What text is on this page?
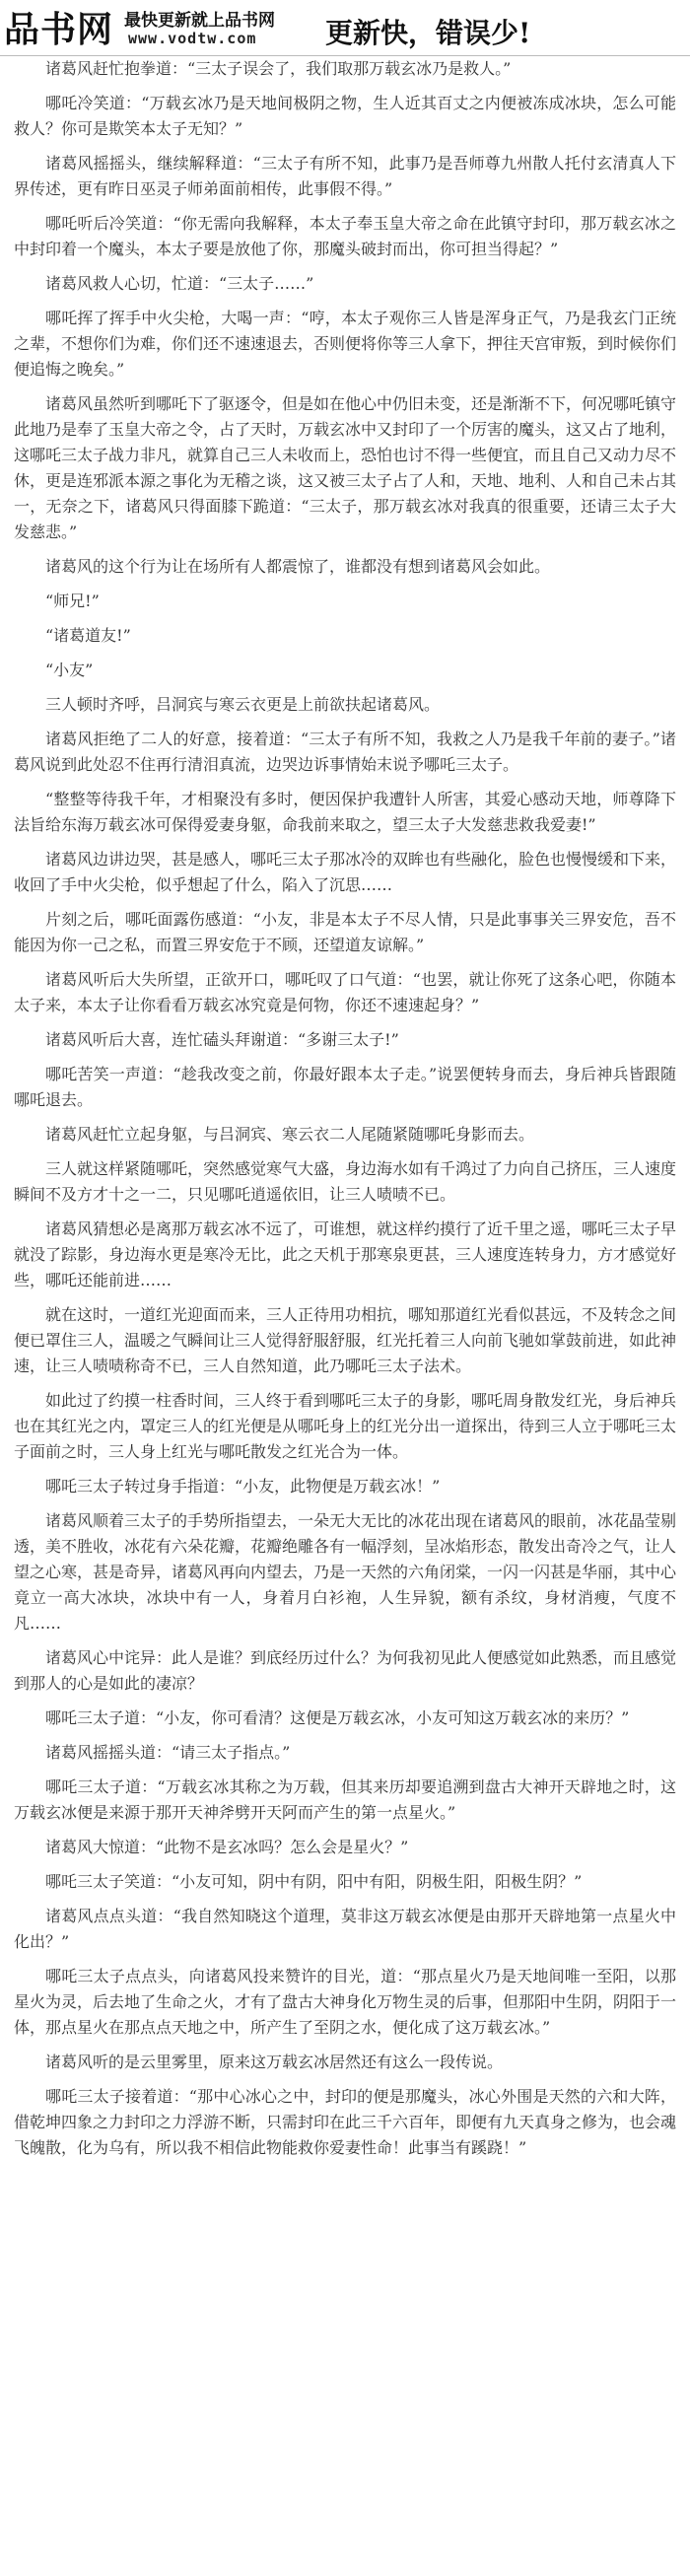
品书网 最快更新就上品书网
www.vodtw.com 更新快，错误少!

诸葛风赶忙抱拳道：“三太子误会了，我们取那万载玄冰乃是救人。”

哪吒冷笑道：“万载玄冰乃是天地间极阴之物，生人近其百丈之内便被冻成冰块，怎么可能救人？你可是欺笑本太子无知？”

诸葛风摇摇头，继续解释道：“三太子有所不知，此事乃是吾师尊九州散人托付玄清真人下界传述，更有昨日巫灵子师弟面前相传，此事假不得。”

哪吒听后冷笑道：“你无需向我解释，本太子奉玉皇大帝之命在此镇守封印，那万载玄冰之中封印着一个魔头，本太子要是放他了你，那魔头破封而出，你可担当得起？”

诸葛风救人心切，忙道：“三太子……”

哪吒挥了挥手中火尖枪，大喝一声：“哼，本太子观你三人皆是浑身正气，乃是我玄门正统之辈，不想你们为难，你们还不速速退去，否则便将你等三人拿下，押往天宫审叛，到时候你们便追悔之晚矣。”

诸葛风虽然听到哪吒下了驱逐令，但是如在他心中仍旧未变，还是渐渐不下，何况哪吒镇守此地乃是奉了玉皇大帝之令，占了天时，万载玄冰中又封印了一个厉害的魔头，这又占了地利，这哪吒三太子战力非凡，就算自己三人未收而上，恐怕也讨不得一些便宜，而且自己又动力尽不休，更是连邪派本源之事化为无稽之谈，这又被三太子占了人和，天地、地利、人和自己未占其一，无奈之下，诸葛风只得面膝下跪道：“三太子，那万载玄冰对我真的很重要，还请三太子大发慈悲。”

诸葛风的这个行为让在场所有人都震惊了，谁都没有想到诸葛风会如此。

“师兄!”

“诸葛道友!”

“小友”

三人顿时齐呼，吕洞宾与寒云衣更是上前欲扶起诸葛风。

诸葛风拒绝了二人的好意，接着道：“三太子有所不知，我救之人乃是我千年前的妻子。”诸葛风说到此处忍不住再行清泪真流，边哭边诉事情始末说予哪吒三太子。

“整整等待我千年，才相聚没有多时，便因保护我遭针人所害，其爱心感动天地，师尊降下法旨给东海万载玄冰可保得爱妻身躯，命我前来取之，望三太子大发慈悲救我爱妻!”

诸葛风边讲边哭，甚是感人，哪吒三太子那冰冷的双眸也有些融化，脸色也慢慢缓和下来，收回了手中火尖枪，似乎想起了什么，陷入了沉思……

片刻之后，哪吒面露伤感道：“小友，非是本太子不尽人情，只是此事事关三界安危，吾不能因为你一己之私，而置三界安危于不顾，还望道友谅解。”

诸葛风听后大失所望，正欲开口，哪吒叹了口气道：“也罢，就让你死了这条心吧，你随本太子来，本太子让你看看万载玄冰究竟是何物，你还不速速起身？”

诸葛风听后大喜，连忙磕头拜谢道：“多谢三太子!”

哪吒苦笑一声道：“趁我改变之前，你最好跟本太子走。”说罢便转身而去，身后神兵皆跟随哪吒退去。

诸葛风赶忙立起身躯，与吕洞宾、寒云衣二人尾随紧随哪吒身影而去。

三人就这样紧随哪吒，突然感觉寒气大盛，身边海水如有千鸿过了力向自己挤压，三人速度瞬间不及方才十之一二，只见哪吒逍遥依旧，让三人啧啧不已。

诸葛风猜想必是离那万载玄冰不远了，可谁想，就这样约摸行了近千里之遥，哪吒三太子早就没了踪影，身边海水更是寒冷无比，此之天机于那寒泉更甚，三人速度连转身力，方才感觉好些，哪吒还能前进……

就在这时，一道红光迎面而来，三人正待用功相抗，哪知那道红光看似甚远，不及转念之间便已罩住三人，温暖之气瞬间让三人觉得舒服舒服，红光托着三人向前飞驰如掌鼓前进，如此神速，让三人啧啧称奇不已，三人自然知道，此乃哪吒三太子法术。

如此过了约摸一柱香时间，三人终于看到哪吒三太子的身影，哪吒周身散发红光，身后神兵也在其红光之内，罩定三人的红光便是从哪吒身上的红光分出一道探出，待到三人立于哪吒三太子面前之时，三人身上红光与哪吒散发之红光合为一体。

哪吒三太子转过身手指道：“小友，此物便是万载玄冰！”

诸葛风顺着三太子的手势所指望去，一朵无大无比的冰花出现在诸葛风的眼前，冰花晶莹剔透，美不胜收，冰花有六朵花瓣，花瓣绝雕各有一幅浮刻，呈冰焰形态，散发出奇冷之气，让人望之心寒，甚是奇异，诸葛风再向内望去，乃是一天然的六角闭棠，一闪一闪甚是华丽，其中心竟立一高大冰块，冰块中有一人，身着月白衫袍，人生异貌，额有杀纹，身材消瘦，气度不凡……

诸葛风心中诧异：此人是谁？到底经历过什么？为何我初见此人便感觉如此熟悉，而且感觉到那人的心是如此的凄凉？

哪吒三太子道：“小友，你可看清？这便是万载玄冰，小友可知这万载玄冰的来历？”

诸葛风摇摇头道：“请三太子指点。”

哪吒三太子道：“万载玄冰其称之为万载，但其来历却要追溯到盘古大神开天辟地之时，这万载玄冰便是来源于那开天神斧劈开天阿而产生的第一点星火。”

诸葛风大惊道：“此物不是玄冰吗？怎么会是星火？”

哪吒三太子笑道：“小友可知，阴中有阴，阳中有阳，阴极生阳，阳极生阴？”

诸葛风点点头道：“我自然知晓这个道理，莫非这万载玄冰便是由那开天辟地第一点星火中化出？”

哪吒三太子点点头，向诸葛风投来赞许的目光，道：“那点星火乃是天地间唯一至阳，以那星火为灵，后去地了生命之火，才有了盘古大神身化万物生灵的后事，但那阳中生阴，阴阳于一体，那点星火在那点点天地之中，所产生了至阴之水，便化成了这万载玄冰。”

诸葛风听的是云里雾里，原来这万载玄冰居然还有这么一段传说。

哪吒三太子接着道：“那中心冰心之中，封印的便是那魔头，冰心外围是天然的六和大阵，借乾坤四象之力封印之力浮游不断，只需封印在此三千六百年，即便有九天真身之修为，也会魂飞魄散，化为乌有，所以我不相信此物能救你爱妻性命！此事当有蹊跷！”
